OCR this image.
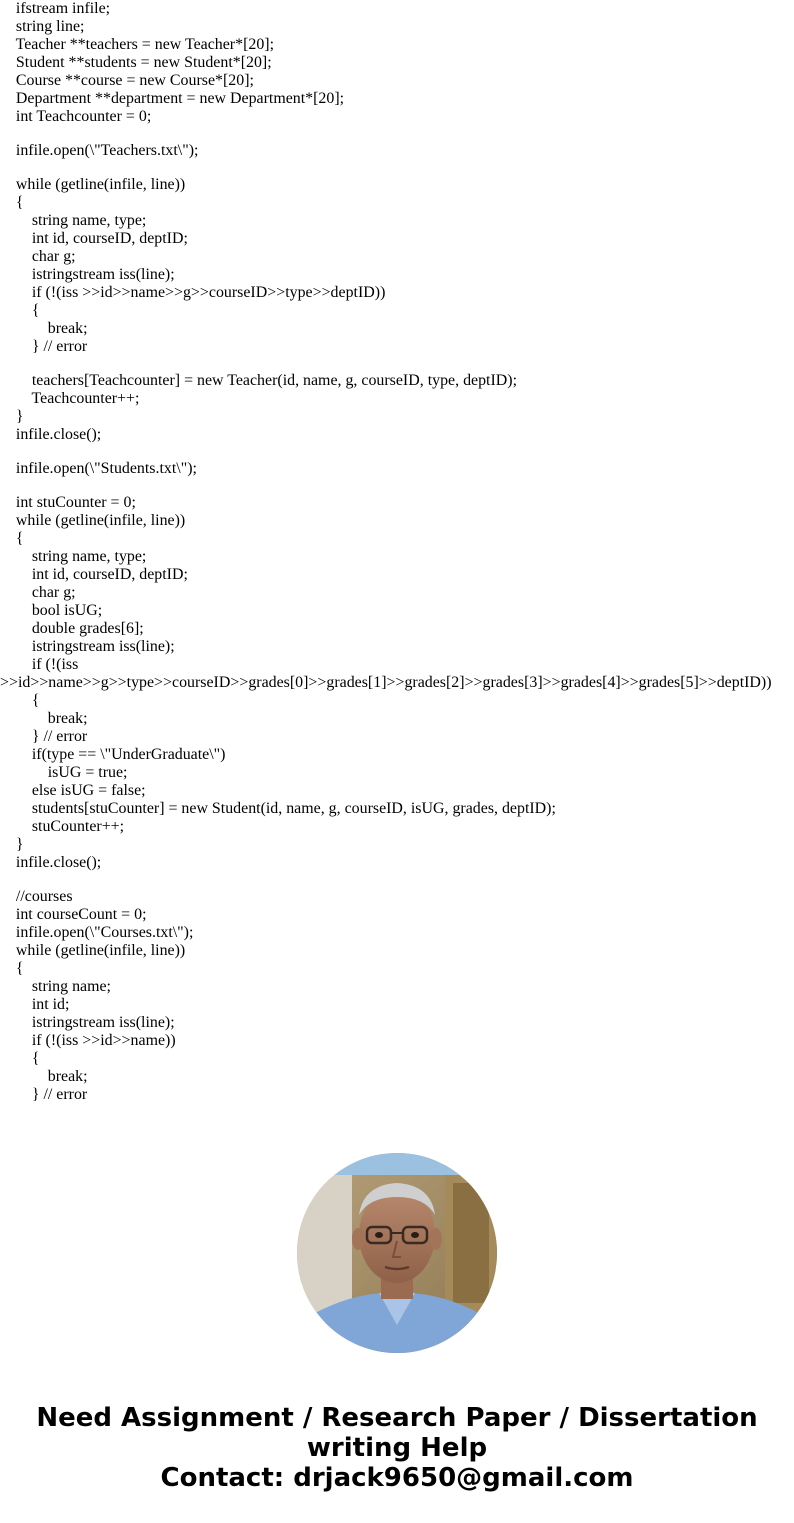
ifstream infile;
string line;
Teacher **teachers = new Teacher*[20];
Student **students = new Student*[20];
Course **course = new Course*[20];
Department **department = new Department*[20];
int Teachcounter = 0;
infile.open(\"Teachers.txt\");
while (getline(infile, line))
{
string name, type;
int id, courseID, deptID;
char g;
istringstream iss(line);
if (!(iss >>id>>name>>g>>courseID>>type>>deptID))
{
break;
} // error
teachers[Teachcounter] = new Teacher(id, name, g, courseID, type, deptID);
Teachcounter++;
}
infile.close();
infile.open(\"Students.txt\");
int stuCounter = 0;
while (getline(infile, line))
{
string name, type;
int id, courseID, deptID;
char g;
bool isUG;
double grades[6];
istringstream iss(line);
if (!(iss
>>id>>name>>g>>type>>courseID>>grades[0]>>grades[1]>>grades[2]>>grades[3]>>grades[4]>>grades[5]>>deptID))
{
break;
} // error
if(type == \"UnderGraduate\")
isUG = true;
else isUG = false;
students[stuCounter] = new Student(id, name, g, courseID, isUG, grades, deptID);
stuCounter++;
}
infile.close();
//courses
int courseCount = 0;
infile.open(\"Courses.txt\");
while (getline(infile, line))
{
string name;
int id;
istringstream iss(line);
if (!(iss >>id>>name))
{
break;
} // error
Need Assignment / Research Paper / Dissertation
writing Help
Contact: drjack9650@gmail.com
